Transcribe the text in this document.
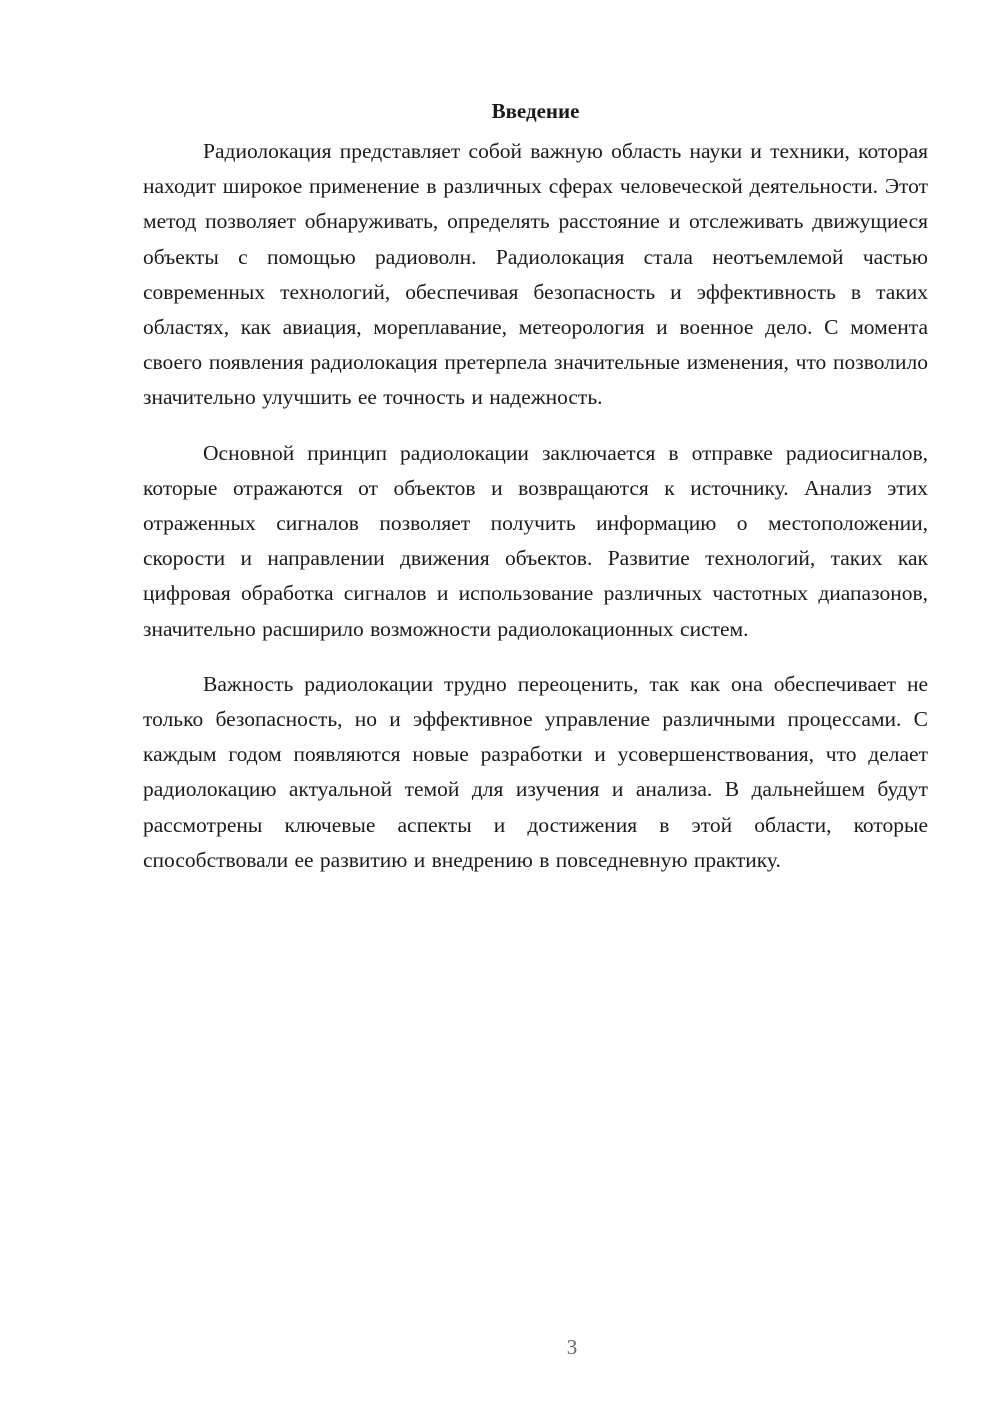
Введение

Радиолокация представляет собой важную область науки и техники, которая находит широкое применение в различных сферах человеческой деятельности. Этот метод позволяет обнаруживать, определять расстояние и отслеживать движущиеся объекты с помощью радиоволн. Радиолокация стала неотъемлемой частью современных технологий, обеспечивая безопасность и эффективность в таких областях, как авиация, мореплавание, метеорология и военное дело. С момента своего появления радиолокация претерпела значительные изменения, что позволило значительно улучшить ее точность и надежность.

Основной принцип радиолокации заключается в отправке радиосигналов, которые отражаются от объектов и возвращаются к источнику. Анализ этих отраженных сигналов позволяет получить информацию о местоположении, скорости и направлении движения объектов. Развитие технологий, таких как цифровая обработка сигналов и использование различных частотных диапазонов, значительно расширило возможности радиолокационных систем.

Важность радиолокации трудно переоценить, так как она обеспечивает не только безопасность, но и эффективное управление различными процессами. С каждым годом появляются новые разработки и усовершенствования, что делает радиолокацию актуальной темой для изучения и анализа. В дальнейшем будут рассмотрены ключевые аспекты и достижения в этой области, которые способствовали ее развитию и внедрению в повседневную практику.

3
